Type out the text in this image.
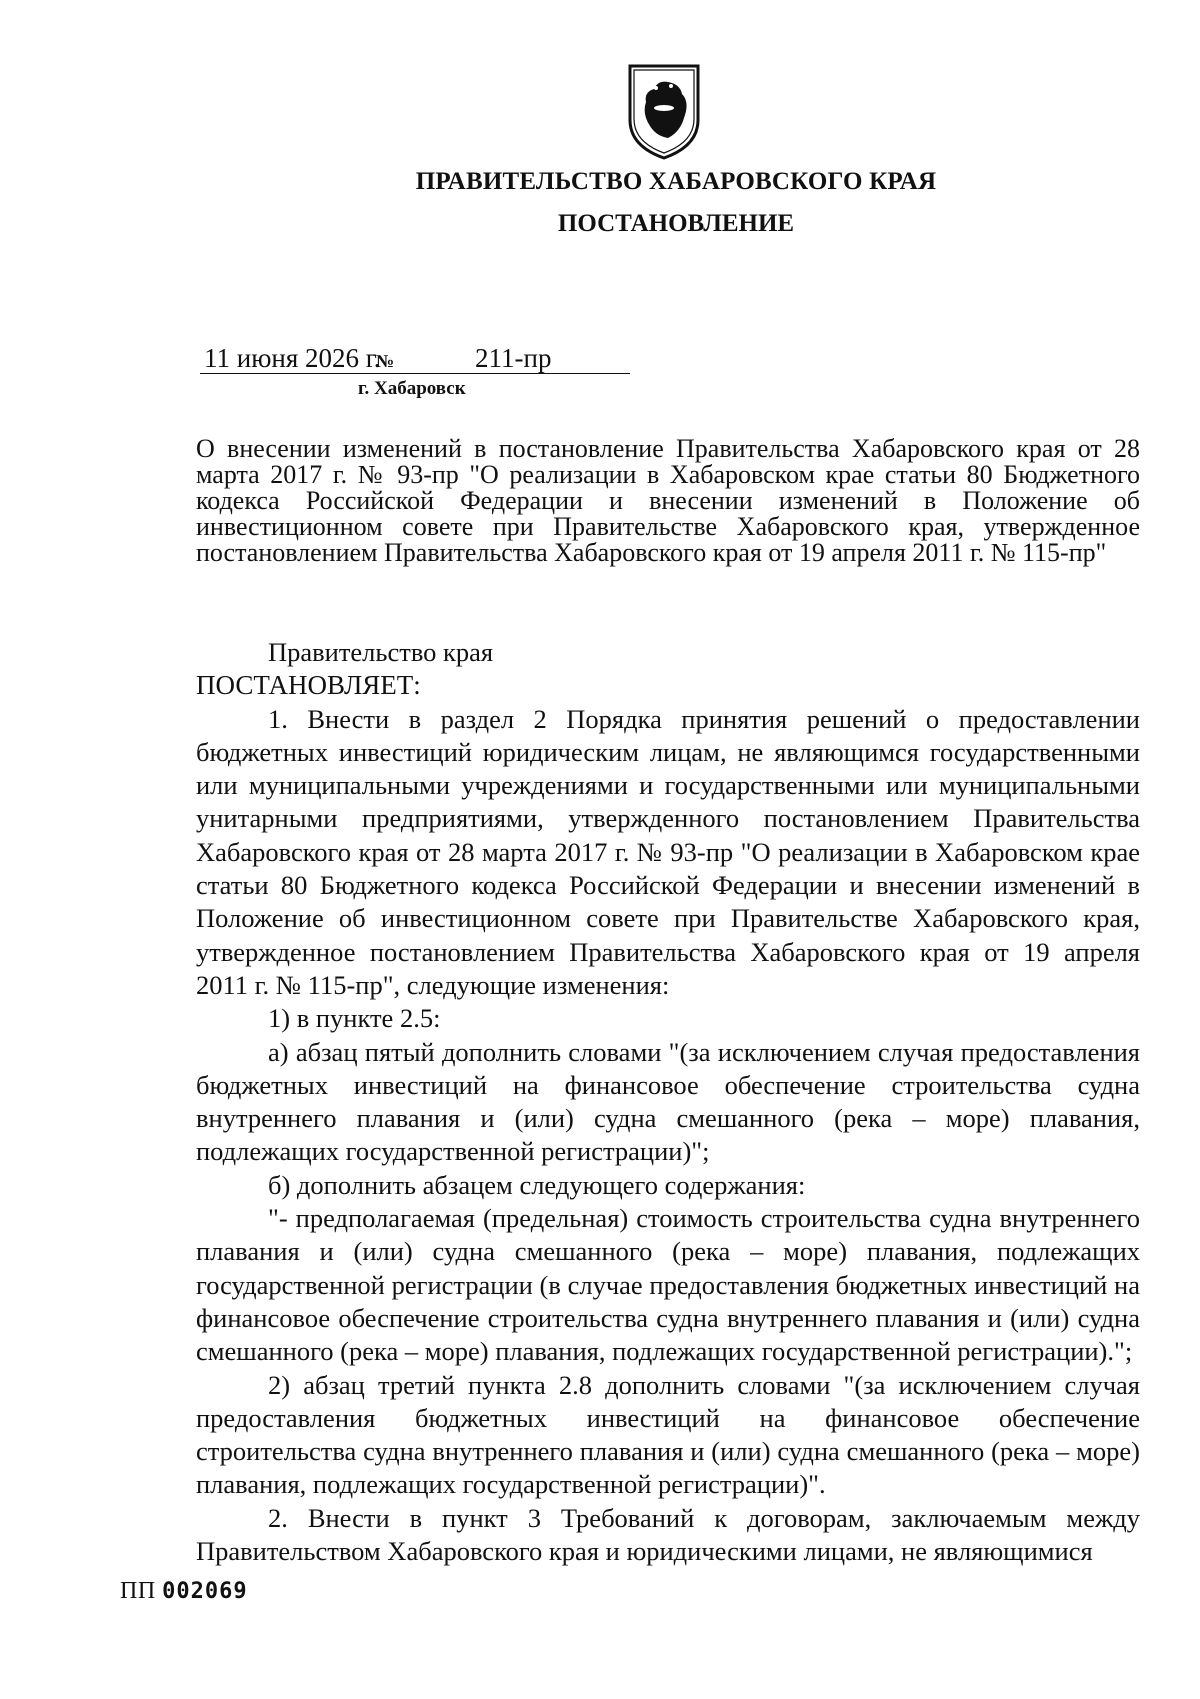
ПРАВИТЕЛЬСТВО ХАБАРОВСКОГО КРАЯ
ПОСТАНОВЛЕНИЕ
11 июня 2026 г.
№	211-пр
г. Хабаровск
О внесении изменений в постановление Правительства Хабаровского края от 28 марта 2017 г. № 93-пр "О реализации в Хабаровском крае статьи 80 Бюджетного кодекса Российской Федерации и внесении изменений в Положение об инвестиционном совете при Правительстве Хабаровского края, утвержденное постановлением Правительства Хабаровского края от 19 апреля 2011 г. № 115-пр"

Правительство края

ПОСТАНОВЛЯЕТ:

1. Внести в раздел 2 Порядка принятия решений о предоставлении бюджетных инвестиций юридическим лицам, не являющимся государственными или муниципальными учреждениями и государственными или муниципальными унитарными предприятиями, утвержденного постановлением Правительства Хабаровского края от 28 марта 2017 г. № 93-пр "О реализации в Хабаровском крае статьи 80 Бюджетного кодекса Российской Федерации и внесении изменений в Положение об инвестиционном совете при Правительстве Хабаровского края, утвержденное постановлением Правительства Хабаровского края от 19 апреля 2011 г. № 115-пр", следующие изменения:

1) в пункте 2.5:

а) абзац пятый дополнить словами "(за исключением случая предоставления бюджетных инвестиций на финансовое обеспечение строительства судна внутреннего плавания и (или) судна смешанного (река – море) плавания, подлежащих государственной регистрации)";

б) дополнить абзацем следующего содержания:

"- предполагаемая (предельная) стоимость строительства судна внутреннего плавания и (или) судна смешанного (река – море) плавания, подлежащих государственной регистрации (в случае предоставления бюджетных инвестиций на финансовое обеспечение строительства судна внутреннего плавания и (или) судна смешанного (река – море) плавания, подлежащих государственной регистрации).";

2) абзац третий пункта 2.8 дополнить словами "(за исключением случая предоставления бюджетных инвестиций на финансовое обеспечение строительства судна внутреннего плавания и (или) судна смешанного (река – море) плавания, подлежащих государственной регистрации)".

2. Внести в пункт 3 Требований к договорам, заключаемым между Правительством Хабаровского края и юридическими лицами, не являющимися

ПП 002069
